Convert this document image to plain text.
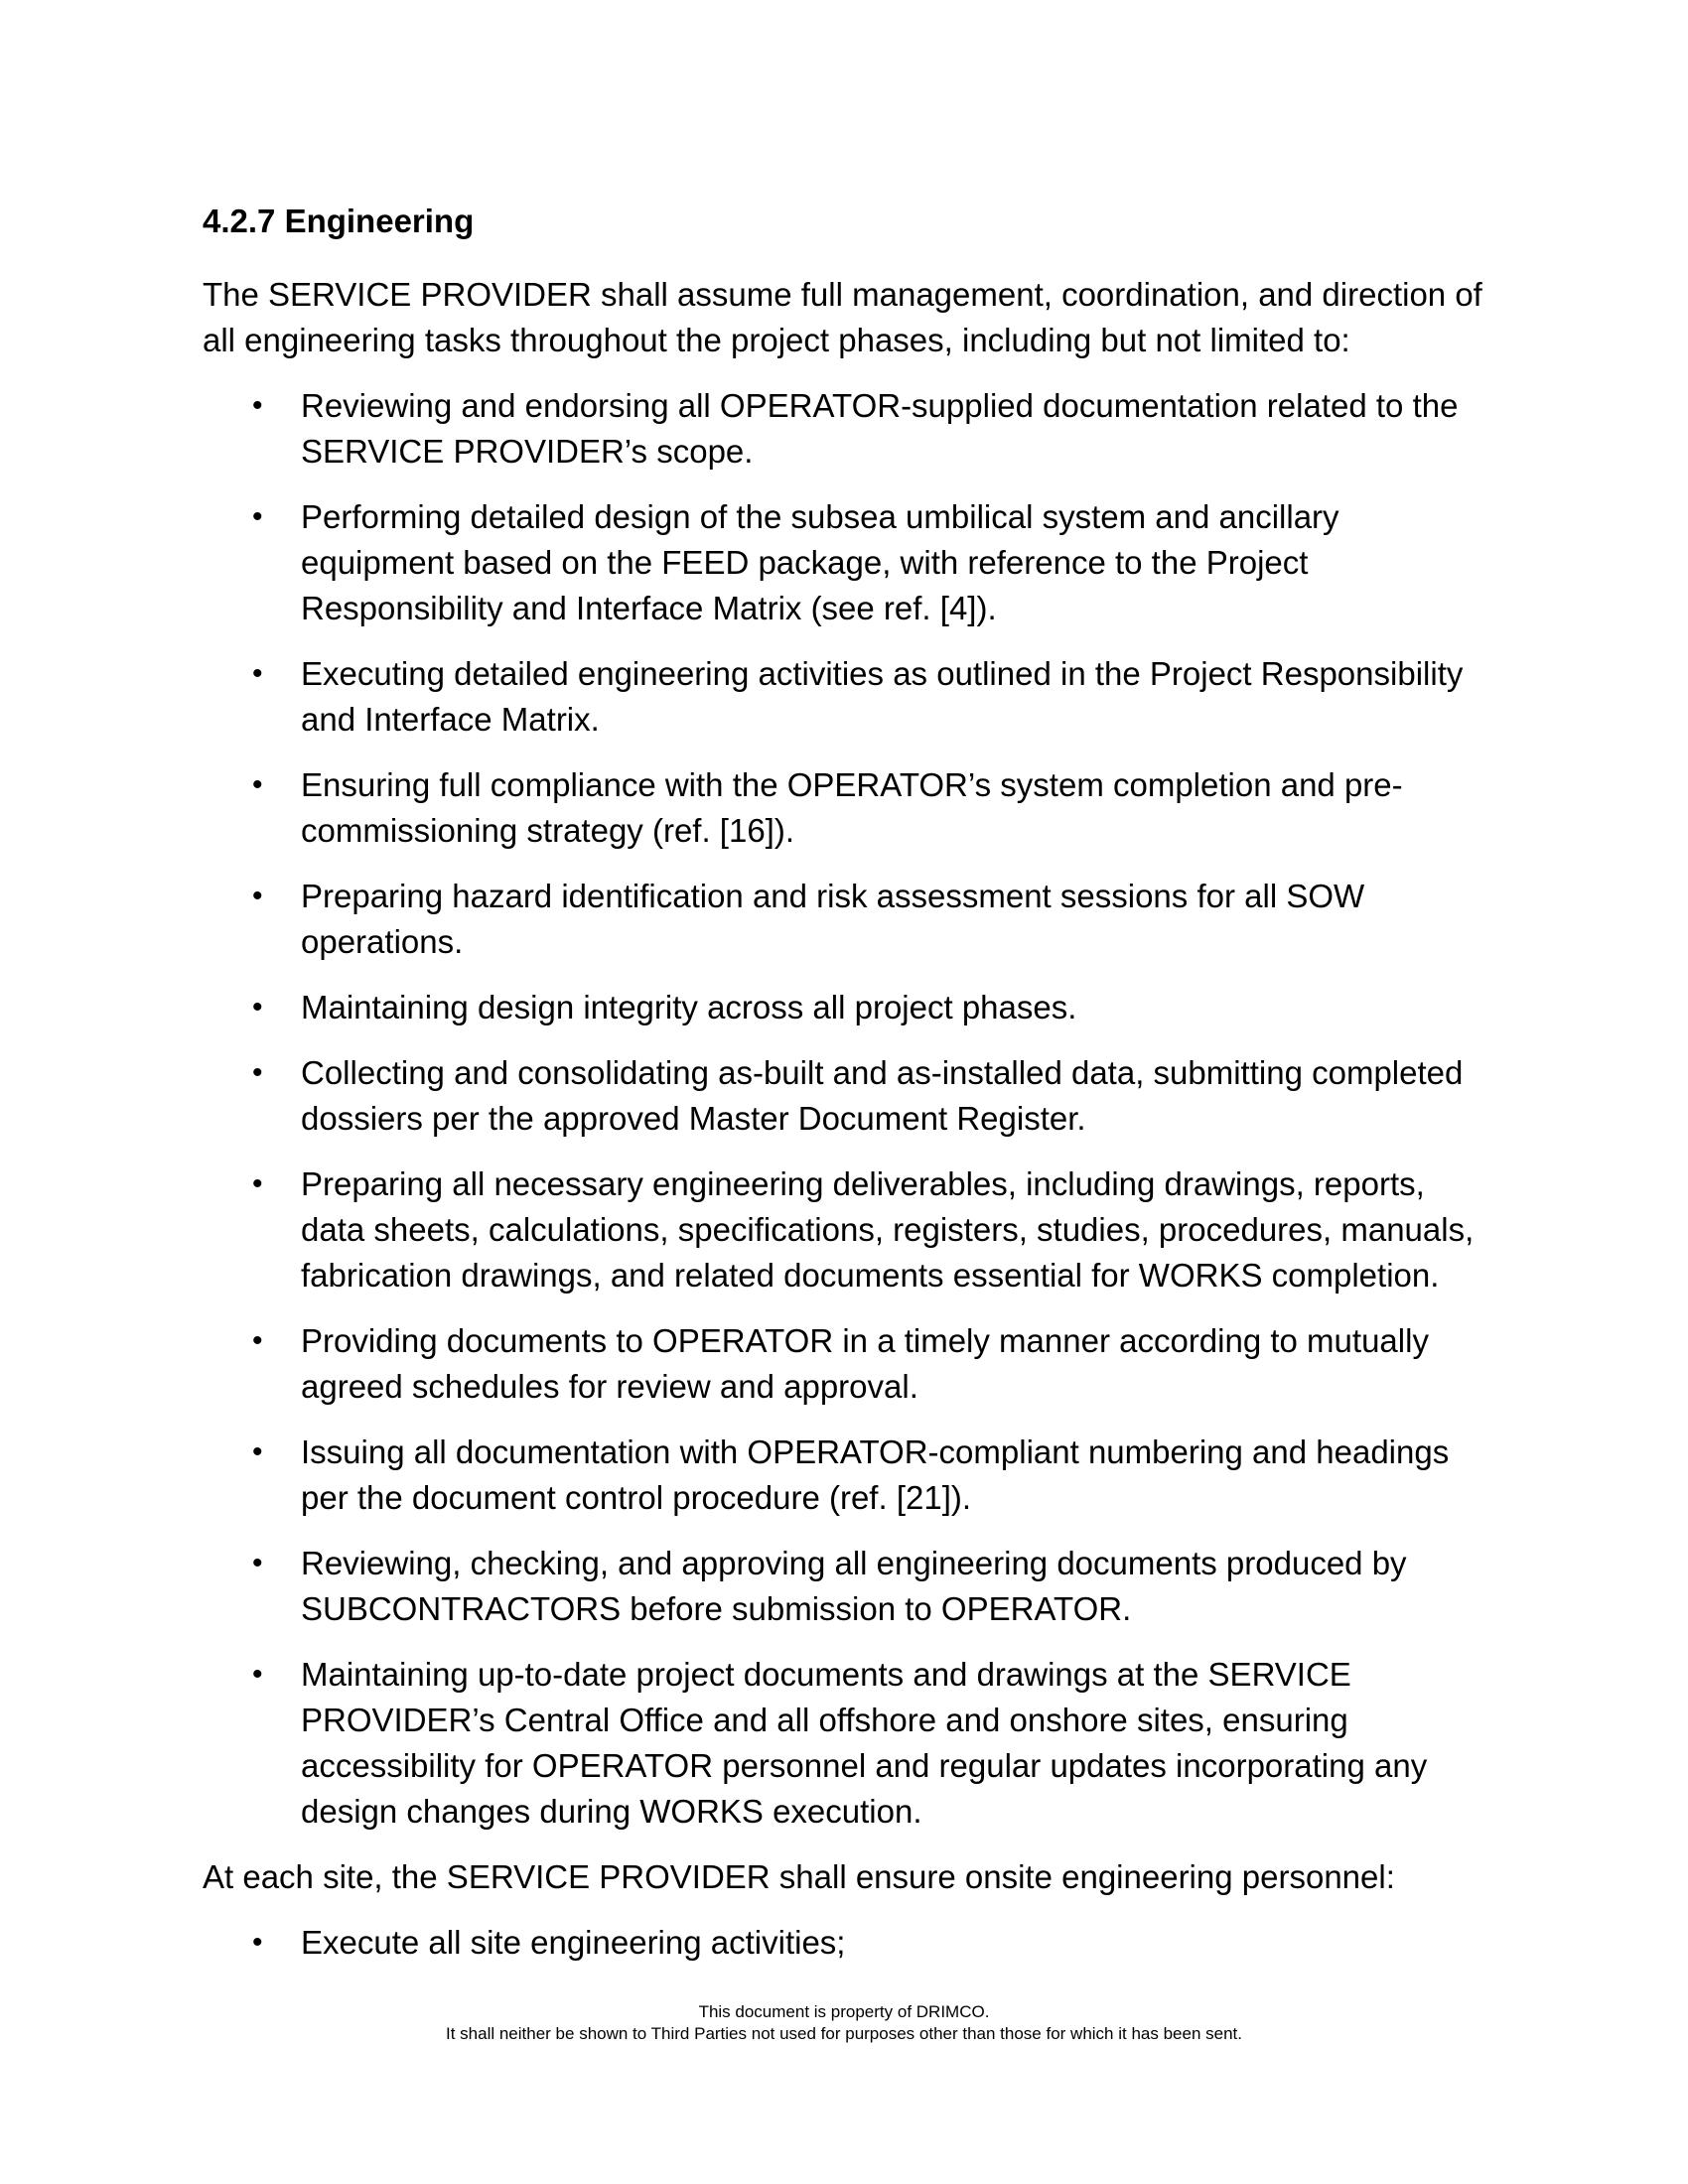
4.2.7 Engineering

The SERVICE PROVIDER shall assume full management, coordination, and direction of all engineering tasks throughout the project phases, including but not limited to:

• Reviewing and endorsing all OPERATOR-supplied documentation related to the SERVICE PROVIDER’s scope.
• Performing detailed design of the subsea umbilical system and ancillary equipment based on the FEED package, with reference to the Project Responsibility and Interface Matrix (see ref. [4]).
• Executing detailed engineering activities as outlined in the Project Responsibility and Interface Matrix.
• Ensuring full compliance with the OPERATOR’s system completion and pre-commissioning strategy (ref. [16]).
• Preparing hazard identification and risk assessment sessions for all SOW operations.
• Maintaining design integrity across all project phases.
• Collecting and consolidating as-built and as-installed data, submitting completed dossiers per the approved Master Document Register.
• Preparing all necessary engineering deliverables, including drawings, reports, data sheets, calculations, specifications, registers, studies, procedures, manuals, fabrication drawings, and related documents essential for WORKS completion.
• Providing documents to OPERATOR in a timely manner according to mutually agreed schedules for review and approval.
• Issuing all documentation with OPERATOR-compliant numbering and headings per the document control procedure (ref. [21]).
• Reviewing, checking, and approving all engineering documents produced by SUBCONTRACTORS before submission to OPERATOR.
• Maintaining up-to-date project documents and drawings at the SERVICE PROVIDER’s Central Office and all offshore and onshore sites, ensuring accessibility for OPERATOR personnel and regular updates incorporating any design changes during WORKS execution.

At each site, the SERVICE PROVIDER shall ensure onsite engineering personnel:

• Execute all site engineering activities;
This document is property of DRIMCO.
It shall neither be shown to Third Parties not used for purposes other than those for which it has been sent.
